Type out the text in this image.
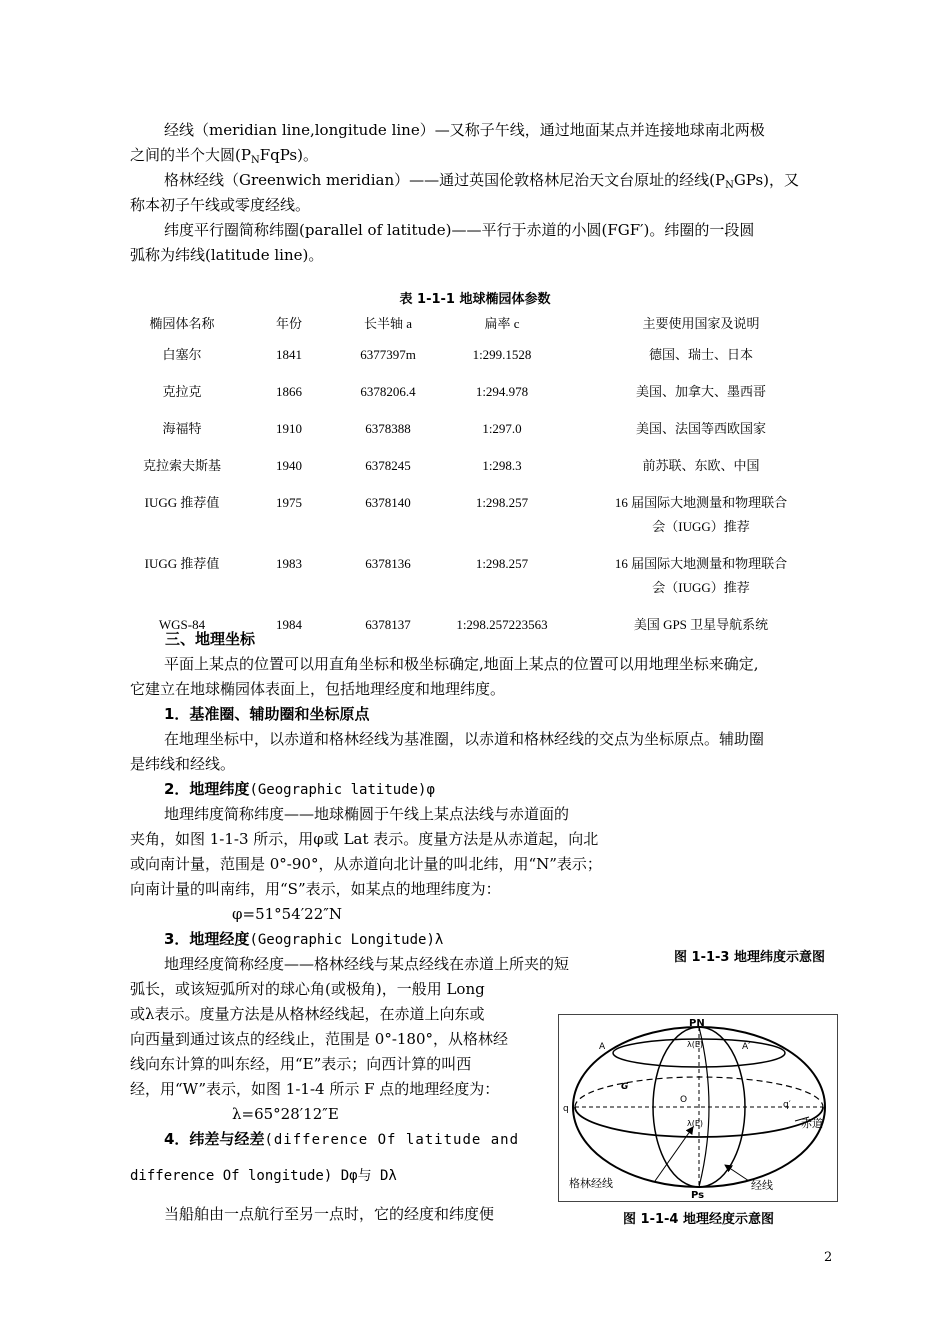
经线（meridian line,longitude line）—又称子午线，通过地面某点并连接地球南北两极
之间的半个大圆$(P_NFqPs)$。
格林经线（Greenwich meridian）——通过英国伦敦格林尼治天文台原址的经线$(P_NGPs)$，又
称本初子午线或零度经线。
纬度平行圈简称纬圈(parallel of latitude)——平行于赤道的小圆(FGF′)。纬圈的一段圆
弧称为纬线(latitude line)。
表 1-1-1 地球椭园体参数
椭园体名称	年份	长半轴 a	扁率 c	主要使用国家及说明
白塞尔	1841	6377397m	1:299.1528	德国、瑞士、日本
克拉克	1866	6378206.4	1:294.978	美国、加拿大、墨西哥
海福特	1910	6378388	1:297.0	美国、法国等西欧国家
克拉索夫斯基	1940	6378245	1:298.3	前苏联、东欧、中国
IUGG 推荐值	1975	6378140	1:298.257	16 届国际大地测量和物理联合
会（IUGG）推荐

IUGG 推荐值	1983	6378136	1:298.257	16 届国际大地测量和物理联合
会（IUGG）推荐

WGS-84	1984	6378137	1:298.257223563	美国 GPS 卫星导航系统
三、地理坐标
平面上某点的位置可以用直角坐标和极坐标确定,地面上某点的位置可以用地理坐标来确定,
它建立在地球椭园体表面上，包括地理经度和地理纬度。
1．基准圈、辅助圈和坐标原点
在地理坐标中，以赤道和格林经线为基准圈，以赤道和格林经线的交点为坐标原点。辅助圈
是纬线和经线。
2．地理纬度(Geographic latitude)φ
地理纬度简称纬度——地球椭圆于午线上某点法线与赤道面的
夹角，如图 1-1-3 所示，用φ或 Lat 表示。度量方法是从赤道起，向北
或向南计量，范围是 0°-90°，从赤道向北计量的叫北纬，用“N”表示；
向南计量的叫南纬，用“S”表示，如某点的地理纬度为：
φ=51°54′22″N
3．地理经度(Geographic Longitude)λ
地理经度简称经度——格林经线与某点经线在赤道上所夹的短
弧长，或该短弧所对的球心角(或极角)，一般用 Long
或λ表示。度量方法是从格林经线起，在赤道上向东或
向西量到通过该点的经线止，范围是 0°-180°，从格林经
线向东计算的叫东经，用“E”表示；向西计算的叫西
经，用“W”表示，如图 1-1-4 所示 F 点的地理经度为：
λ=65°28′12″E
4．纬差与经差(difference Of latitude and
difference Of longitude) Dφ与 Dλ
当船舶由一点航行至另一点时，它的经度和纬度便
图 1-1-3 地理纬度示意图
图 1-1-4 地理经度示意图
PN
Ps
A	A′
G
O
q	q′
λ(E)
λ(E)	赤道
格林经线	经线
2
